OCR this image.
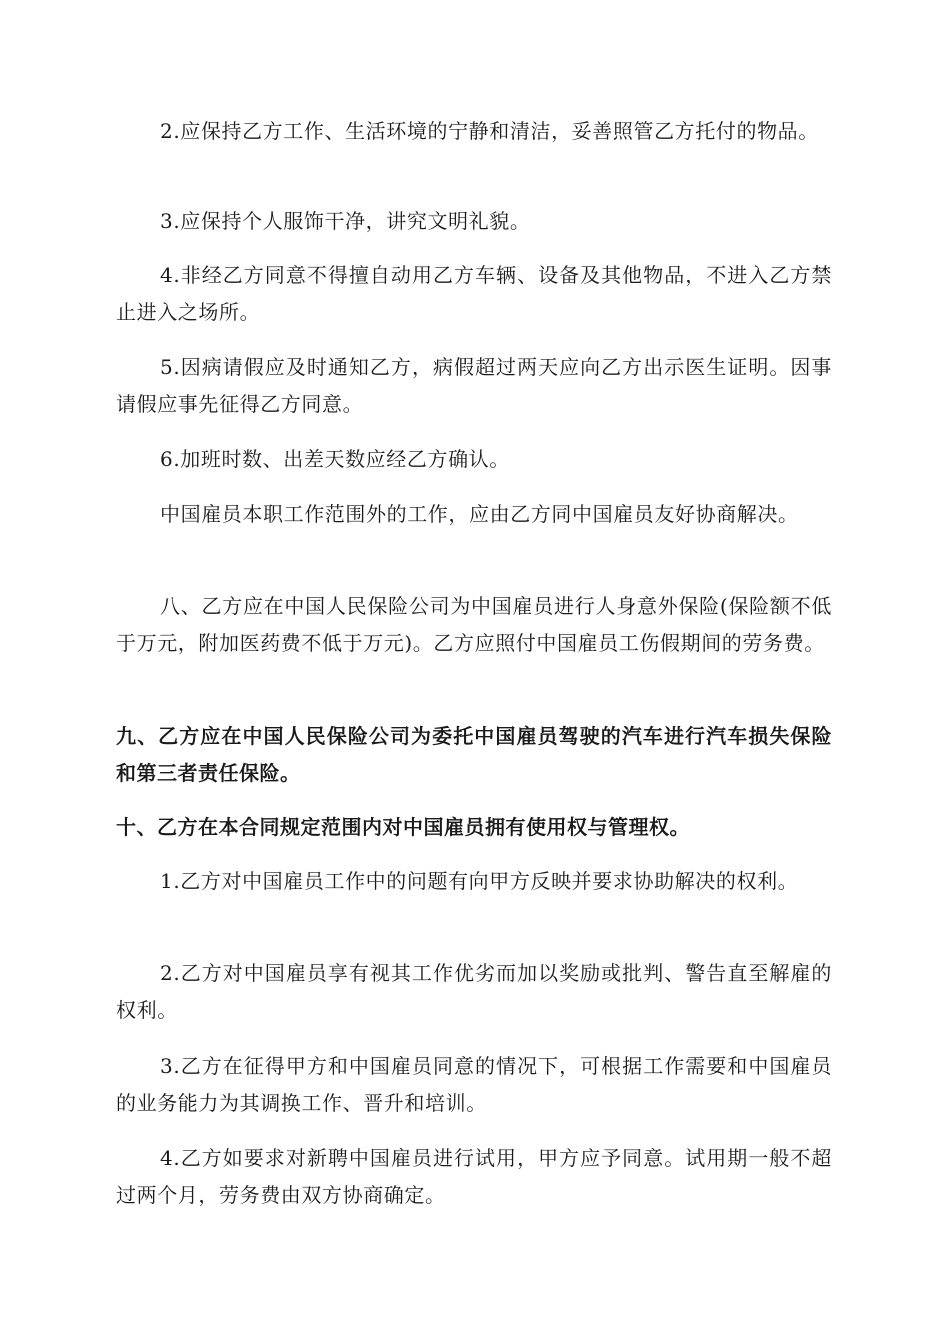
2.应保持乙方工作、生活环境的宁静和清洁，妥善照管乙方托付的物品。

3.应保持个人服饰干净，讲究文明礼貌。

4.非经乙方同意不得擅自动用乙方车辆、设备及其他物品，不进入乙方禁止进入之场所。

5.因病请假应及时通知乙方，病假超过两天应向乙方出示医生证明。因事请假应事先征得乙方同意。

6.加班时数、出差天数应经乙方确认。

中国雇员本职工作范围外的工作，应由乙方同中国雇员友好协商解决。

八、乙方应在中国人民保险公司为中国雇员进行人身意外保险(保险额不低于万元，附加医药费不低于万元)。乙方应照付中国雇员工伤假期间的劳务费。

九、乙方应在中国人民保险公司为委托中国雇员驾驶的汽车进行汽车损失保险和第三者责任保险。

十、乙方在本合同规定范围内对中国雇员拥有使用权与管理权。

1.乙方对中国雇员工作中的问题有向甲方反映并要求协助解决的权利。

2.乙方对中国雇员享有视其工作优劣而加以奖励或批判、警告直至解雇的权利。

3.乙方在征得甲方和中国雇员同意的情况下，可根据工作需要和中国雇员的业务能力为其调换工作、晋升和培训。

4.乙方如要求对新聘中国雇员进行试用，甲方应予同意。试用期一般不超过两个月，劳务费由双方协商确定。
